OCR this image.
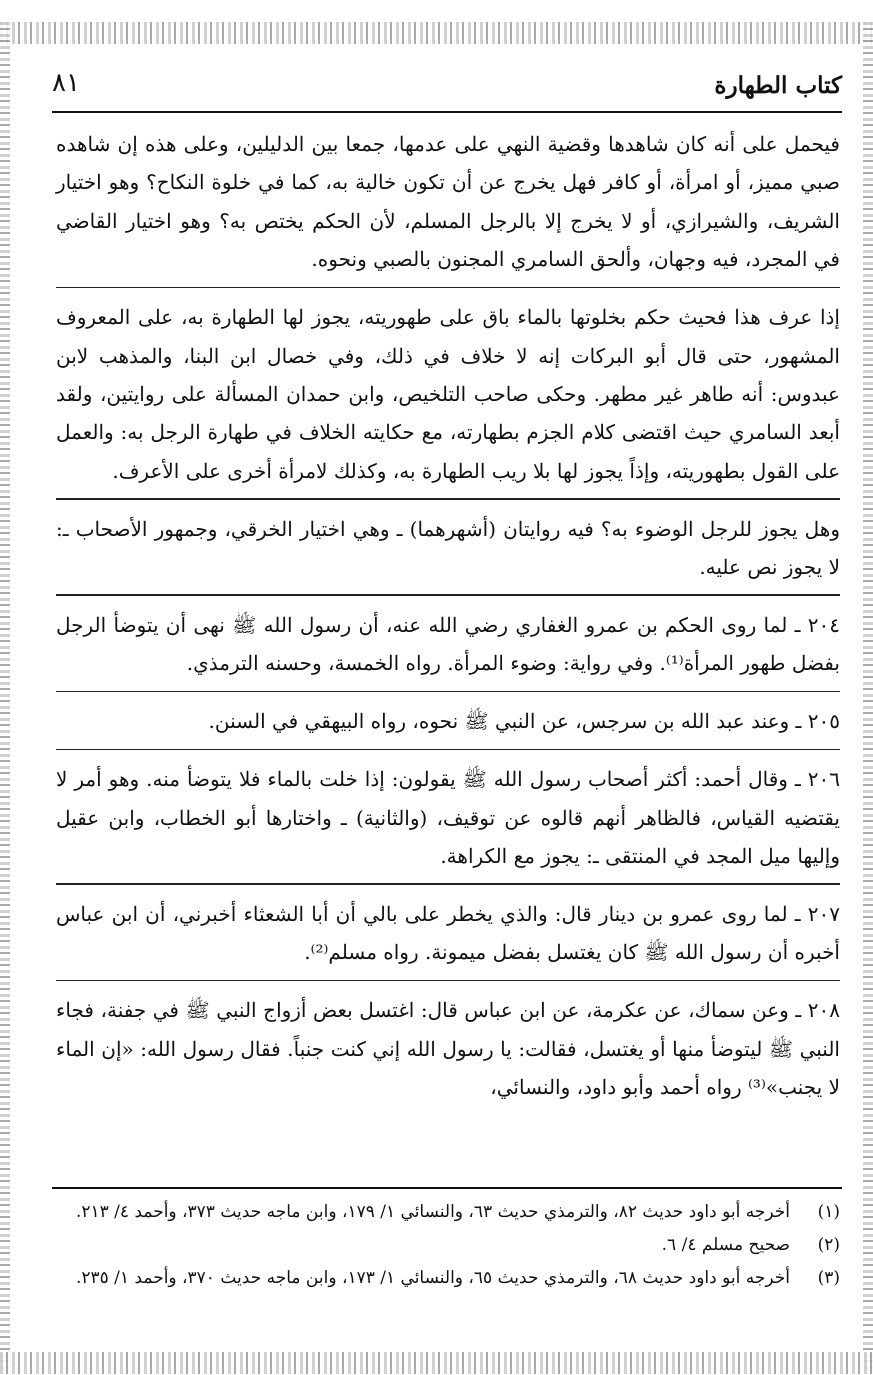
كتاب الطهارة
٨١

فيحمل على أنه كان شاهدها وقضية النهي على عدمها، جمعا بين الدليلين، وعلى هذه إن شاهده صبي مميز، أو امرأة، أو كافر فهل يخرج عن أن تكون خالية به، كما في خلوة النكاح؟ وهو اختيار الشريف، والشيرازي، أو لا يخرج إلا بالرجل المسلم، لأن الحكم يختص به؟ وهو اختيار القاضي في المجرد، فيه وجهان، وألحق السامري المجنون بالصبي ونحوه.

إذا عرف هذا فحيث حكم بخلوتها بالماء باق على طهوريته، يجوز لها الطهارة به، على المعروف المشهور، حتى قال أبو البركات إنه لا خلاف في ذلك، وفي خصال ابن البنا، والمذهب لابن عبدوس: أنه طاهر غير مطهر. وحكى صاحب التلخيص، وابن حمدان المسألة على روايتين، ولقد أبعد السامري حيث اقتضى كلام الجزم بطهارته، مع حكايته الخلاف في طهارة الرجل به: والعمل على القول بطهوريته، وإذاً يجوز لها بلا ريب الطهارة به، وكذلك لامرأة أخرى على الأعرف.

وهل يجوز للرجل الوضوء به؟ فيه روايتان (أشهرهما) ـ وهي اختيار الخرقي، وجمهور الأصحاب ـ: لا يجوز نص عليه.

٢٠٤ ـ لما روى الحكم بن عمرو الغفاري رضي الله عنه، أن رسول الله ﷺ نهى أن يتوضأ الرجل بفضل طهور المرأة⁽¹⁾. وفي رواية: وضوء المرأة. رواه الخمسة، وحسنه الترمذي.

٢٠٥ ـ وعند عبد الله بن سرجس، عن النبي ﷺ نحوه، رواه البيهقي في السنن.

٢٠٦ ـ وقال أحمد: أكثر أصحاب رسول الله ﷺ يقولون: إذا خلت بالماء فلا يتوضأ منه. وهو أمر لا يقتضيه القياس، فالظاهر أنهم قالوه عن توقيف، (والثانية) ـ واختارها أبو الخطاب، وابن عقيل وإليها ميل المجد في المنتقى ـ: يجوز مع الكراهة.

٢٠٧ ـ لما روى عمرو بن دينار قال: والذي يخطر على بالي أن أبا الشعثاء أخبرني، أن ابن عباس أخبره أن رسول الله ﷺ كان يغتسل بفضل ميمونة. رواه مسلم⁽²⁾.

٢٠٨ ـ وعن سماك، عن عكرمة، عن ابن عباس قال: اغتسل بعض أزواج النبي ﷺ في جفنة، فجاء النبي ﷺ ليتوضأ منها أو يغتسل، فقالت: يا رسول الله إني كنت جنباً. فقال رسول الله: «إن الماء لا يجنب»⁽³⁾ رواه أحمد وأبو داود، والنسائي،

(١)
أخرجه أبو داود حديث ٨٢، والترمذي حديث ٦٣، والنسائي ١/ ١٧٩، وابن ماجه حديث ٣٧٣، وأحمد ٤/ ٢١٣.
(٢)
صحيح مسلم ٤/ ٦.
(٣)
أخرجه أبو داود حديث ٦٨، والترمذي حديث ٦٥، والنسائي ١/ ١٧٣، وابن ماجه حديث ٣٧٠، وأحمد ١/ ٢٣٥.
